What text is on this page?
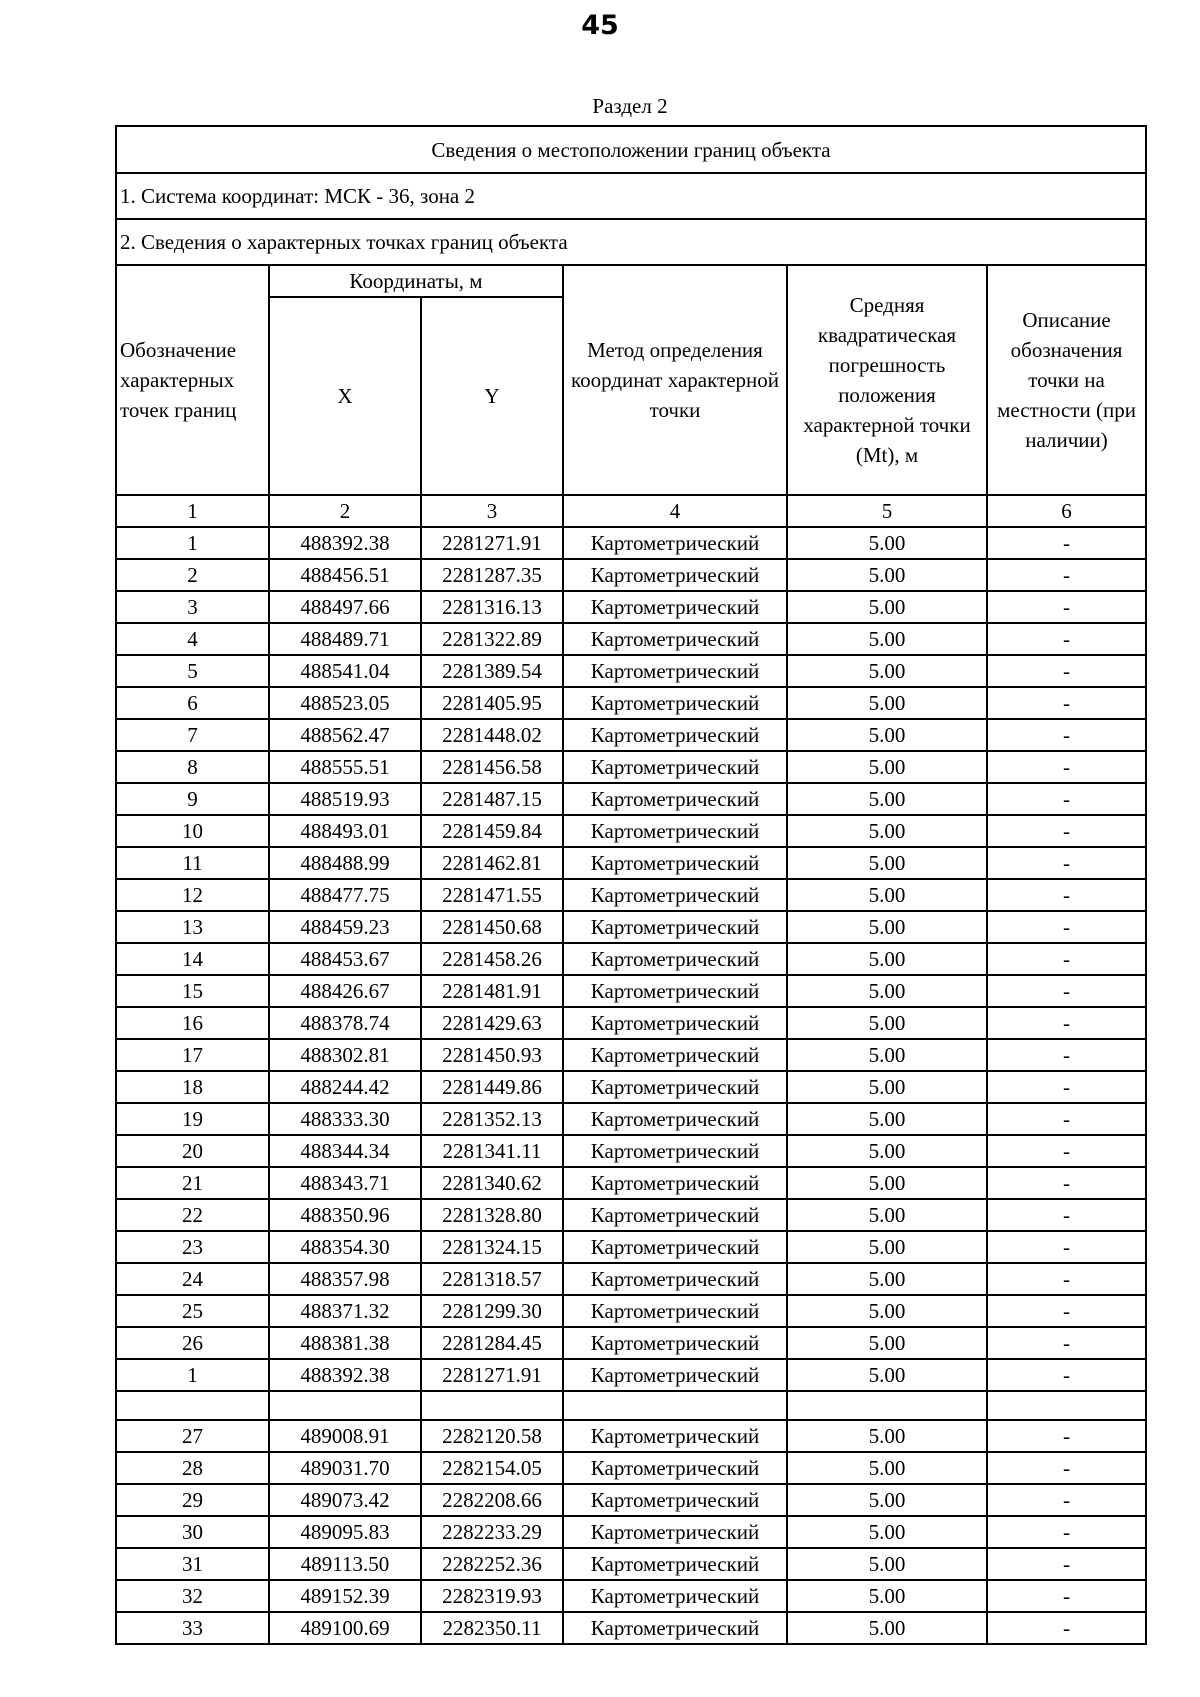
45
Раздел 2
Сведения о местоположении границ объекта					
1. Система координат: МСК - 36, зона 2					
2. Сведения о характерных точках границ объекта					
Обозначение характерных точек границ	Координаты, м		Метод определения координат характерной точки	Средняя квадратическая погрешность положения характерной точки (Mt), м	Описание обозначения точки на местности (при наличии)
	X	Y			
1	2	3	4	5	6
1	488392.38	2281271.91	Картометрический	5.00	-
2	488456.51	2281287.35	Картометрический	5.00	-
3	488497.66	2281316.13	Картометрический	5.00	-
4	488489.71	2281322.89	Картометрический	5.00	-
5	488541.04	2281389.54	Картометрический	5.00	-
6	488523.05	2281405.95	Картометрический	5.00	-
7	488562.47	2281448.02	Картометрический	5.00	-
8	488555.51	2281456.58	Картометрический	5.00	-
9	488519.93	2281487.15	Картометрический	5.00	-
10	488493.01	2281459.84	Картометрический	5.00	-
11	488488.99	2281462.81	Картометрический	5.00	-
12	488477.75	2281471.55	Картометрический	5.00	-
13	488459.23	2281450.68	Картометрический	5.00	-
14	488453.67	2281458.26	Картометрический	5.00	-
15	488426.67	2281481.91	Картометрический	5.00	-
16	488378.74	2281429.63	Картометрический	5.00	-
17	488302.81	2281450.93	Картометрический	5.00	-
18	488244.42	2281449.86	Картометрический	5.00	-
19	488333.30	2281352.13	Картометрический	5.00	-
20	488344.34	2281341.11	Картометрический	5.00	-
21	488343.71	2281340.62	Картометрический	5.00	-
22	488350.96	2281328.80	Картометрический	5.00	-
23	488354.30	2281324.15	Картометрический	5.00	-
24	488357.98	2281318.57	Картометрический	5.00	-
25	488371.32	2281299.30	Картометрический	5.00	-
26	488381.38	2281284.45	Картометрический	5.00	-
1	488392.38	2281271.91	Картометрический	5.00	-

27	489008.91	2282120.58	Картометрический	5.00	-
28	489031.70	2282154.05	Картометрический	5.00	-
29	489073.42	2282208.66	Картометрический	5.00	-
30	489095.83	2282233.29	Картометрический	5.00	-
31	489113.50	2282252.36	Картометрический	5.00	-
32	489152.39	2282319.93	Картометрический	5.00	-
33	489100.69	2282350.11	Картометрический	5.00	-
